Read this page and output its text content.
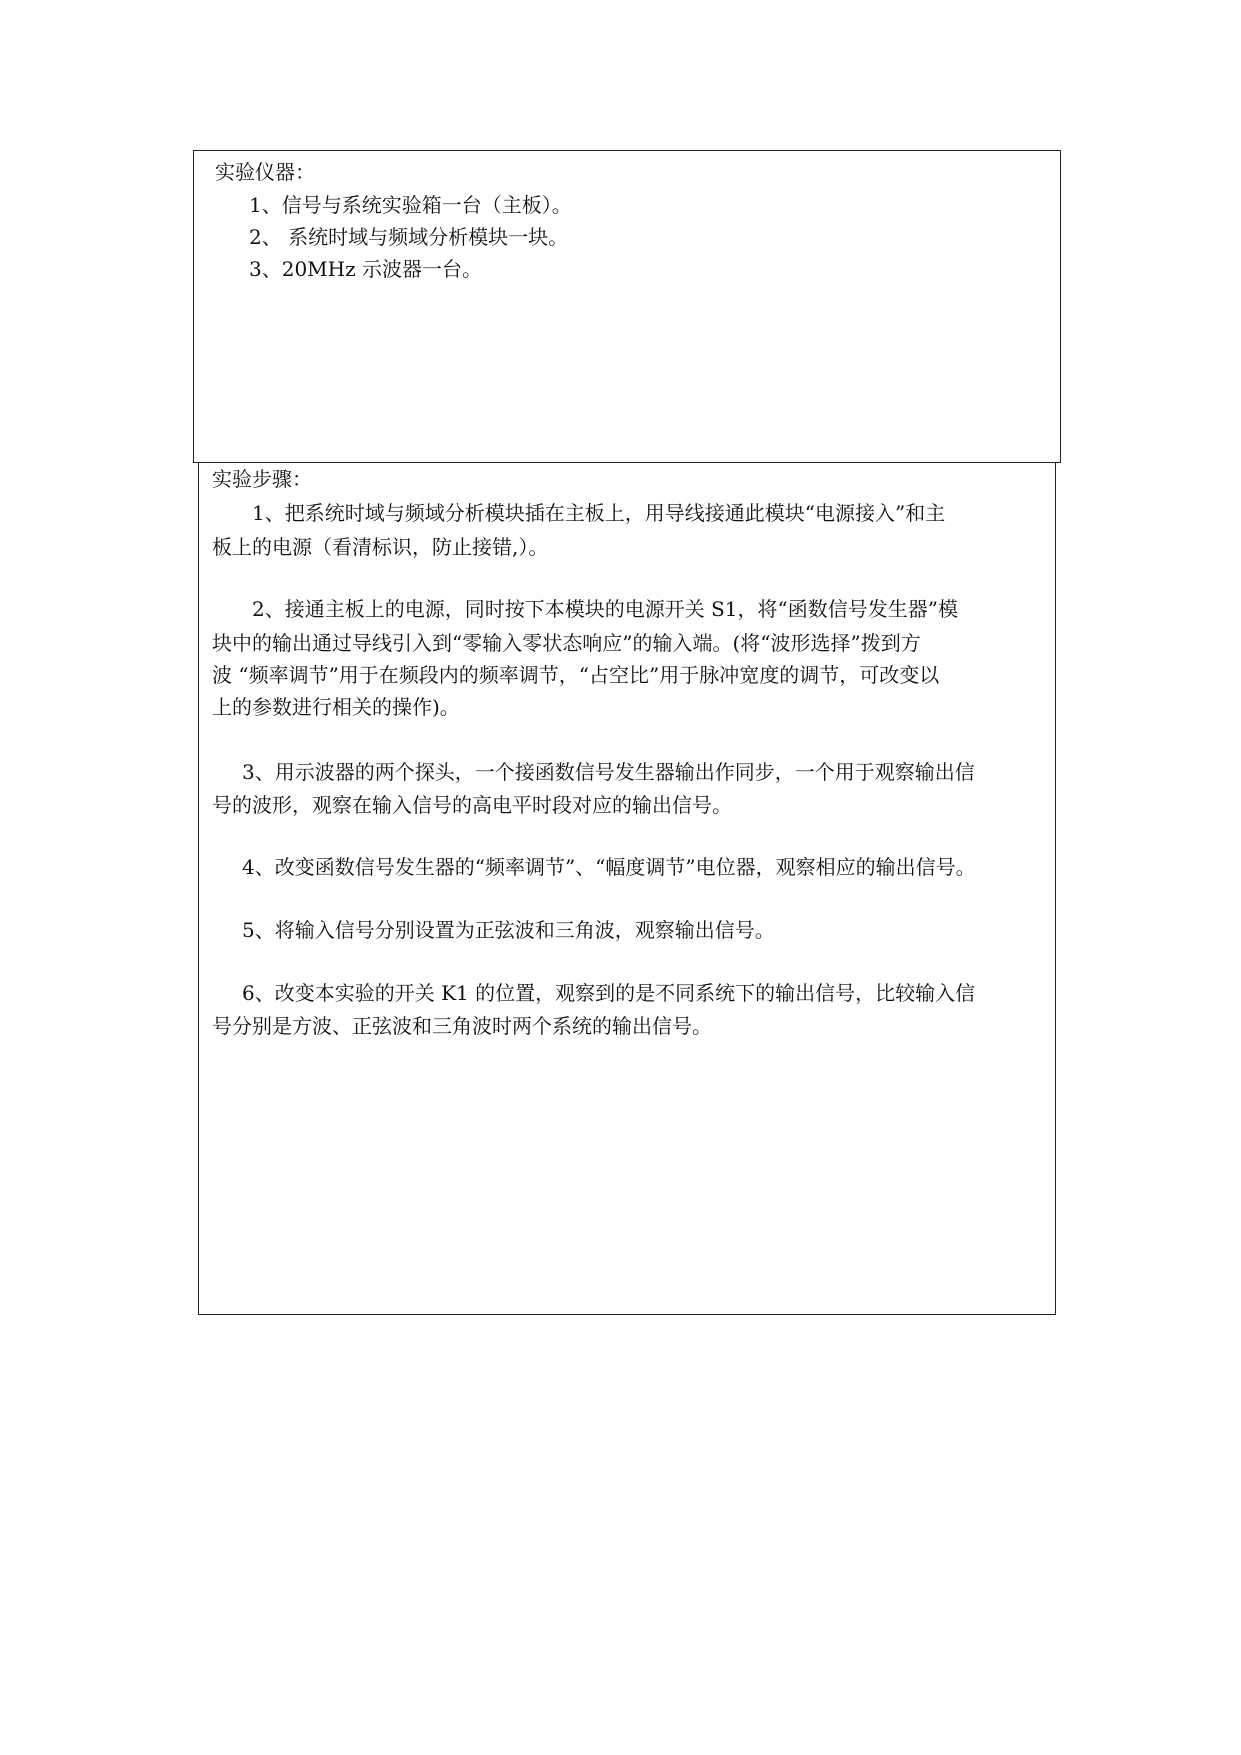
实验仪器：
1、信号与系统实验箱一台（主板）。
2、 系统时域与频域分析模块一块。
3、20MHz 示波器一台。
实验步骤：
1、把系统时域与频域分析模块插在主板上，用导线接通此模块“电源接入”和主
板上的电源（看清标识，防止接错,）。
2、接通主板上的电源，同时按下本模块的电源开关 S1，将“函数信号发生器”模
块中的输出通过导线引入到“零输入零状态响应”的输入端。(将“波形选择”拨到方
波 “频率调节”用于在频段内的频率调节，“占空比”用于脉冲宽度的调节，可改变以
上的参数进行相关的操作)。
3、用示波器的两个探头，一个接函数信号发生器输出作同步，一个用于观察输出信
号的波形，观察在输入信号的高电平时段对应的输出信号。
4、改变函数信号发生器的“频率调节”、“幅度调节”电位器，观察相应的输出信号。
5、将输入信号分别设置为正弦波和三角波，观察输出信号。
6、改变本实验的开关 K1 的位置，观察到的是不同系统下的输出信号，比较输入信
号分别是方波、正弦波和三角波时两个系统的输出信号。
